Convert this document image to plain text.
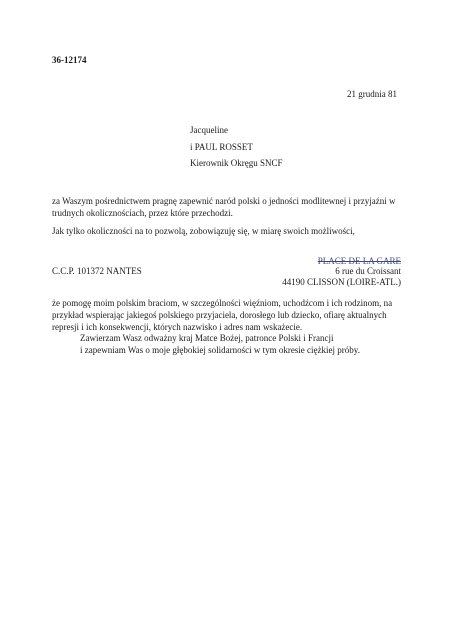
36-12174
21 grudnia 81
Jacqueline
i PAUL ROSSET
Kierownik Okręgu SNCF
za Waszym pośrednictwem pragnę zapewnić naród polski o jedności modlitewnej i przyjaźni w trudnych okolicznościach, przez które przechodzi.
Jak tylko okoliczności na to pozwolą, zobowiązuję się, w miarę swoich możliwości,
C.C.P. 101372 NANTES
PLACE DE LA GARE
6 rue du Croissant
44190 CLISSON (LOIRE-ATL.)
że pomogę moim polskim braciom, w szczególności więźniom, uchodźcom i ich rodzinom, na przykład wspierając jakiegoś polskiego przyjaciela, dorosłego lub dziecko, ofiarę aktualnych represji i ich konsekwencji, których nazwisko i adres nam wskażecie.
Zawierzam Wasz odważny kraj Matce Bożej, patronce Polski i Francji
i zapewniam Was o moje głębokiej solidarności w tym okresie ciężkiej próby.
